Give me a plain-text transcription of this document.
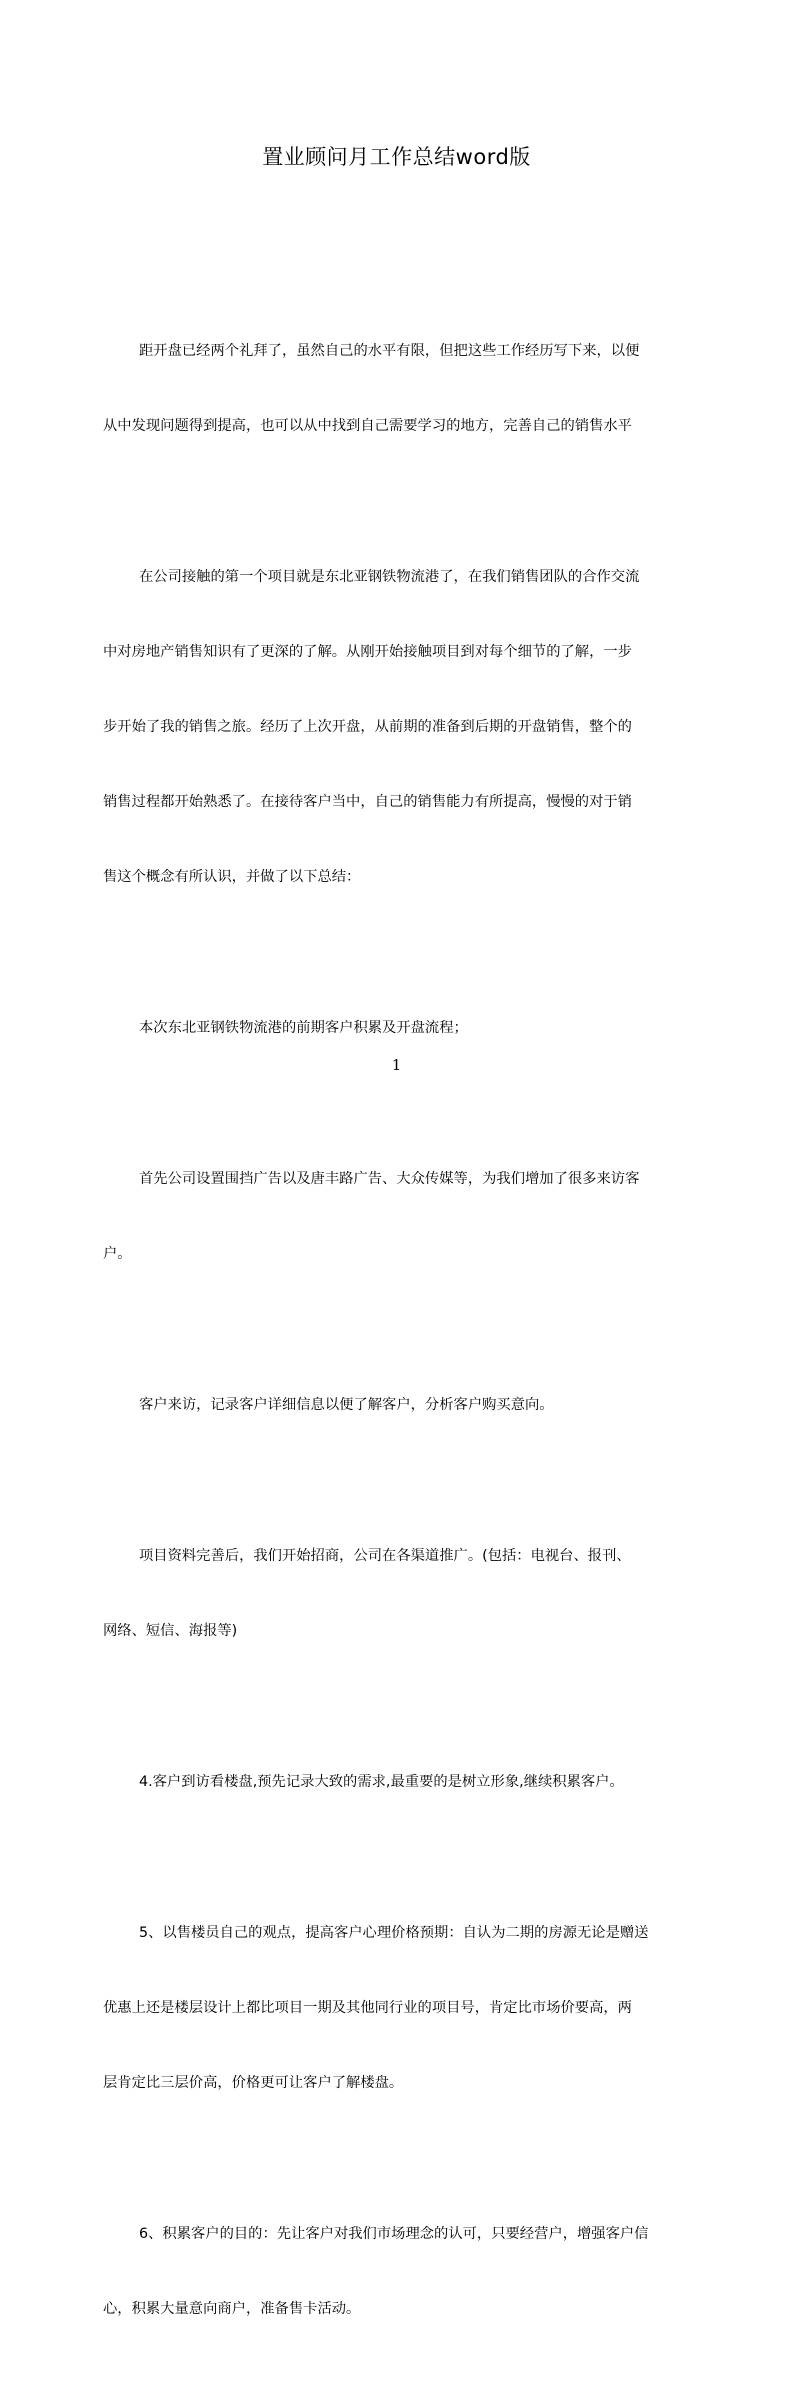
置业顾问月工作总结word版

距开盘已经两个礼拜了，虽然自己的水平有限，但把这些工作经历写下来，以便

从中发现问题得到提高，也可以从中找到自己需要学习的地方，完善自己的销售水平

在公司接触的第一个项目就是东北亚钢铁物流港了，在我们销售团队的合作交流

中对房地产销售知识有了更深的了解。从刚开始接触项目到对每个细节的了解，一步

步开始了我的销售之旅。经历了上次开盘，从前期的准备到后期的开盘销售，整个的

销售过程都开始熟悉了。在接待客户当中，自己的销售能力有所提高，慢慢的对于销

售这个概念有所认识，并做了以下总结：

本次东北亚钢铁物流港的前期客户积累及开盘流程；

首先公司设置围挡广告以及唐丰路广告、大众传媒等，为我们增加了很多来访客

户。

客户来访，记录客户详细信息以便了解客户，分析客户购买意向。

项目资料完善后，我们开始招商，公司在各渠道推广。(包括：电视台、报刊、

网络、短信、海报等)

4.客户到访看楼盘,预先记录大致的需求,最重要的是树立形象,继续积累客户。

5、以售楼员自己的观点，提高客户心理价格预期：自认为二期的房源无论是赠送

优惠上还是楼层设计上都比项目一期及其他同行业的项目号，肯定比市场价要高，两

层肯定比三层价高，价格更可让客户了解楼盘。

6、积累客户的目的：先让客户对我们市场理念的认可，只要经营户，增强客户信

心，积累大量意向商户，准备售卡活动。

1
